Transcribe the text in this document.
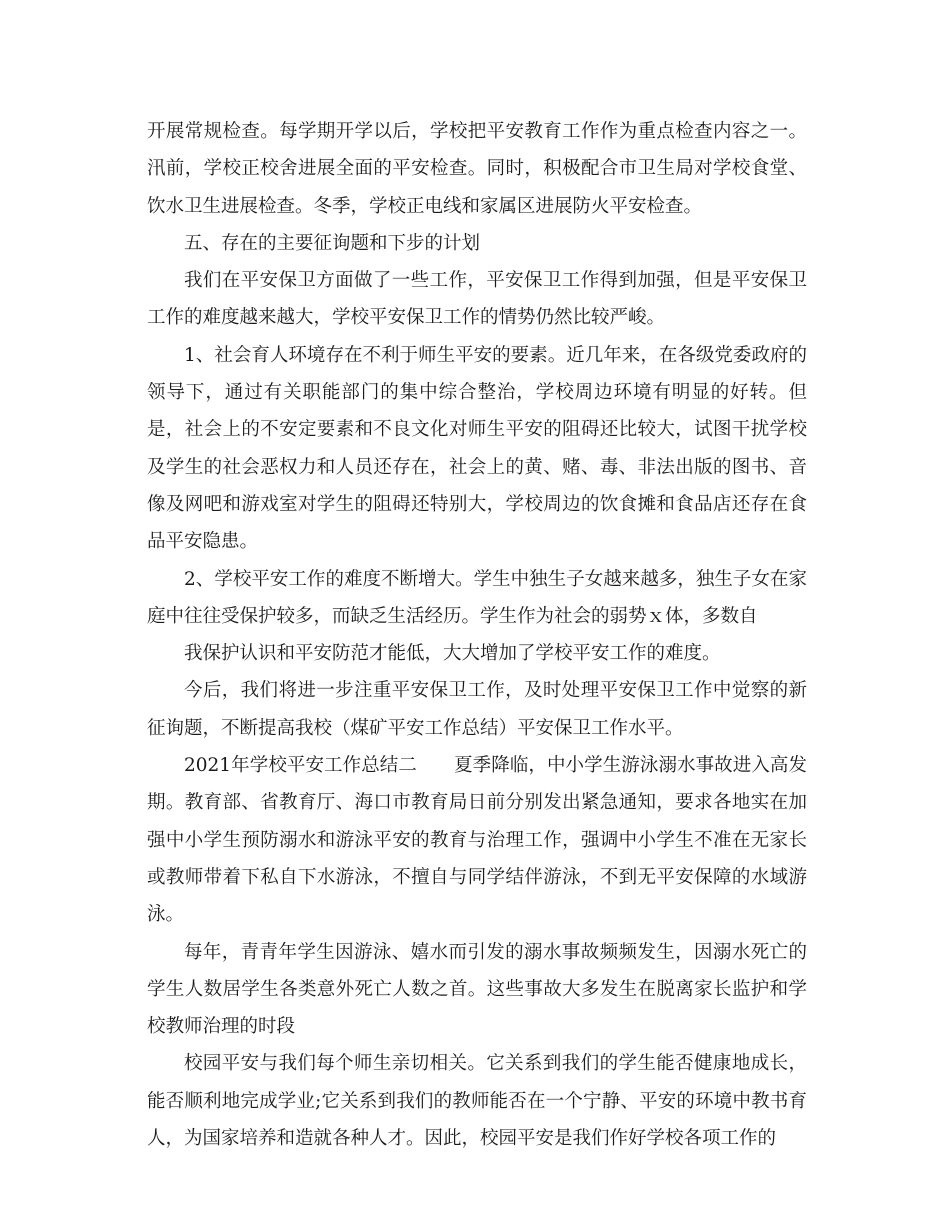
开展常规检查。每学期开学以后，学校把平安教育工作作为重点检查内容之一。汛前，学校正校舍进展全面的平安检查。同时，积极配合市卫生局对学校食堂、饮水卫生进展检查。冬季，学校正电线和家属区进展防火平安检查。

五、存在的主要征询题和下步的计划

我们在平安保卫方面做了一些工作，平安保卫工作得到加强，但是平安保卫工作的难度越来越大，学校平安保卫工作的情势仍然比较严峻。

1、社会育人环境存在不利于师生平安的要素。近几年来，在各级党委政府的领导下，通过有关职能部门的集中综合整治，学校周边环境有明显的好转。但是，社会上的不安定要素和不良文化对师生平安的阻碍还比较大，试图干扰学校及学生的社会恶权力和人员还存在，社会上的黄、赌、毒、非法出版的图书、音像及网吧和游戏室对学生的阻碍还特别大，学校周边的饮食摊和食品店还存在食品平安隐患。

2、学校平安工作的难度不断增大。学生中独生子女越来越多，独生子女在家庭中往往受保护较多，而缺乏生活经历。学生作为社会的弱势ｘ体，多数自

我保护认识和平安防范才能低，大大增加了学校平安工作的难度。

今后，我们将进一步注重平安保卫工作，及时处理平安保卫工作中觉察的新征询题，不断提高我校（煤矿平安工作总结）平安保卫工作水平。

2021年学校平安工作总结二　　夏季降临，中小学生游泳溺水事故进入高发期。教育部、省教育厅、海口市教育局日前分别发出紧急通知，要求各地实在加强中小学生预防溺水和游泳平安的教育与治理工作，强调中小学生不准在无家长或教师带着下私自下水游泳，不擅自与同学结伴游泳，不到无平安保障的水域游泳。

每年，青青年学生因游泳、嬉水而引发的溺水事故频频发生，因溺水死亡的学生人数居学生各类意外死亡人数之首。这些事故大多发生在脱离家长监护和学校教师治理的时段

校园平安与我们每个师生亲切相关。它关系到我们的学生能否健康地成长，能否顺利地完成学业;它关系到我们的教师能否在一个宁静、平安的环境中教书育人，为国家培养和造就各种人才。因此，校园平安是我们作好学校各项工作的
